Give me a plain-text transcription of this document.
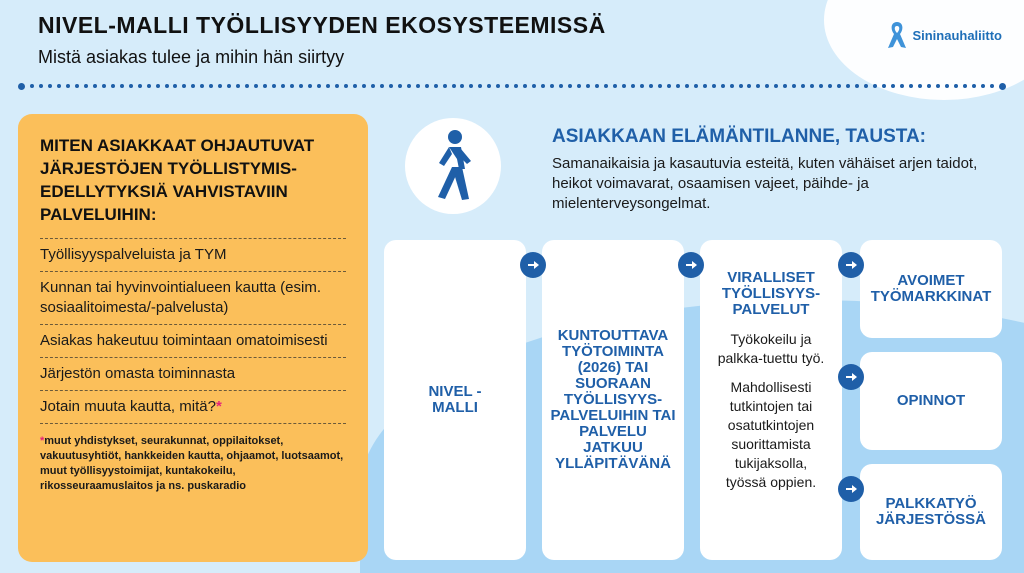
NIVEL-MALLI TYÖLLISYYDEN EKOSYSTEEMISSÄ
Mistä asiakas tulee ja mihin hän siirtyy
Sininauhaliitto
MITEN ASIAKKAAT OHJAUTUVAT JÄRJESTÖJEN TYÖLLISTYMIS-EDELLYTYKSIÄ VAHVISTAVIIN PALVELUIHIN:
Työllisyyspalveluista ja TYM
Kunnan tai hyvinvointialueen kautta (esim. sosiaalitoimesta/-palvelusta)
Asiakas hakeutuu toimintaan omatoimisesti
Järjestön omasta toiminnasta
Jotain muuta kautta, mitä?*
*muut yhdistykset, seurakunnat, oppilaitokset, vakuutusyhtiöt, hankkeiden kautta, ohjaamot, luotsaamot, muut työllisyystoimijat, kuntakokeilu, rikosseuraamuslaitos ja ns. puskaradio
ASIAKKAAN ELÄMÄNTILANNE, TAUSTA:
Samanaikaisia ja kasautuvia esteitä, kuten vähäiset arjen taidot, heikot voimavarat, osaamisen vajeet, päihde- ja mielenterveysongelmat.
NIVEL -MALLI
KUNTOUTTAVA TYÖTOIMINTA (2026) TAI SUORAAN TYÖLLISYYS-PALVELUIHIN TAI PALVELU JATKUU YLLÄPITÄVÄNÄ
VIRALLISET TYÖLLISYYS-PALVELUT

Työkokeilu ja palkka-tuettu työ.

Mahdollisesti tutkintojen tai osatutkintojen suorittamista tukijaksolla, työssä oppien.

AVOIMET TYÖMARKKINAT
OPINNOT
PALKKATYÖ JÄRJESTÖSSÄ
